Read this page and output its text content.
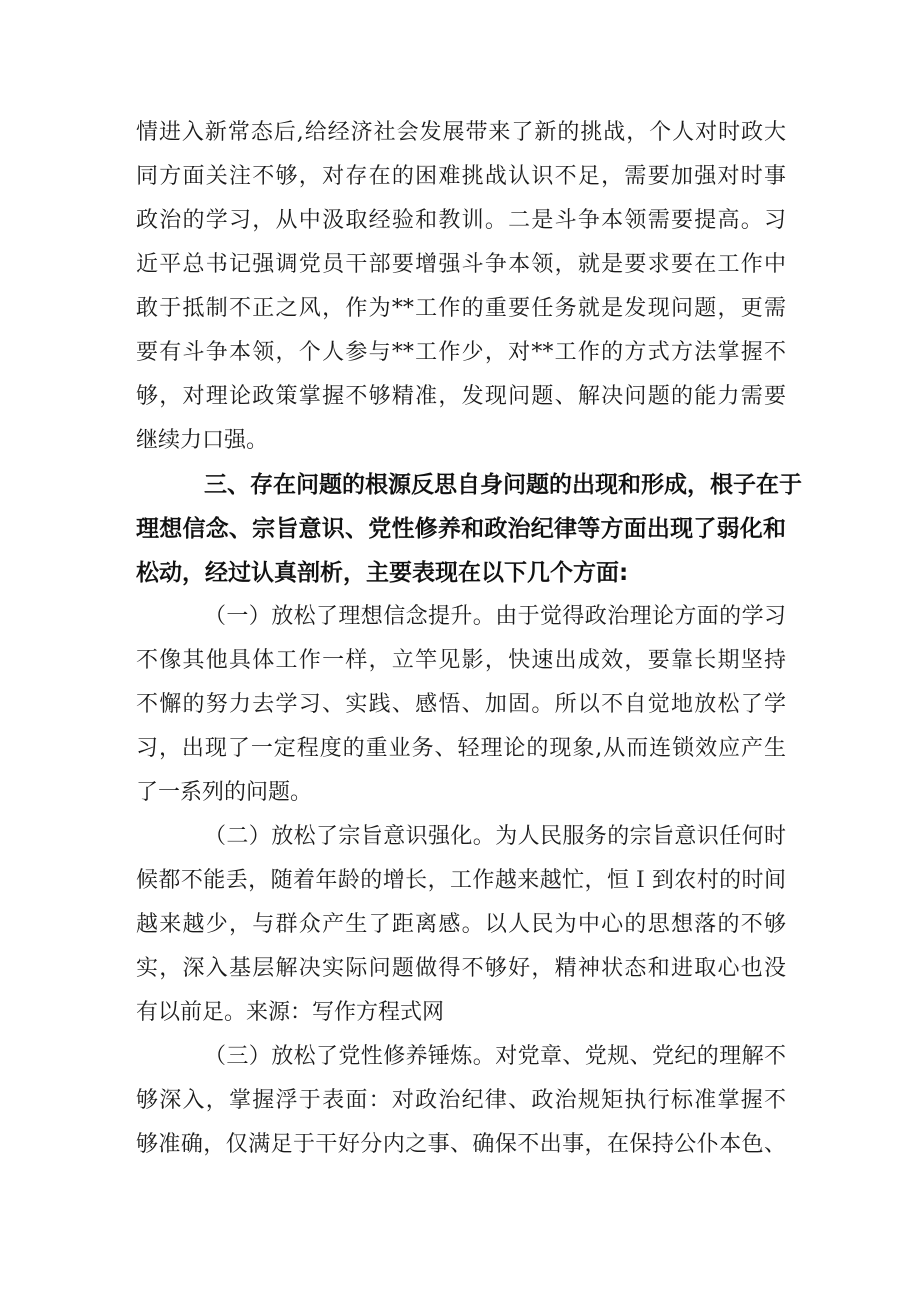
情进入新常态后,给经济社会发展带来了新的挑战，个人对时政大
同方面关注不够，对存在的困难挑战认识不足，需要加强对时事
政治的学习，从中汲取经验和教训。二是斗争本领需要提高。习
近平总书记强调党员干部要增强斗争本领，就是要求要在工作中
敢于抵制不正之风，作为**工作的重要任务就是发现问题，更需
要有斗争本领，个人参与**工作少，对**工作的方式方法掌握不
够，对理论政策掌握不够精准，发现问题、解决问题的能力需要
继续力口强。
三、存在问题的根源反思自身问题的出现和形成，根子在于
理想信念、宗旨意识、党性修养和政治纪律等方面出现了弱化和
松动，经过认真剖析，主要表现在以下几个方面:
（一）放松了理想信念提升。由于觉得政治理论方面的学习
不像其他具体工作一样，立竿见影，快速出成效，要靠长期坚持
不懈的努力去学习、实践、感悟、加固。所以不自觉地放松了学
习，出现了一定程度的重业务、轻理论的现象,从而连锁效应产生
了一系列的问题。
（二）放松了宗旨意识强化。为人民服务的宗旨意识任何时
候都不能丢，随着年龄的增长，工作越来越忙，恒Ｉ到农村的时间
越来越少，与群众产生了距离感。以人民为中心的思想落的不够
实，深入基层解决实际问题做得不够好，精神状态和进取心也没
有以前足。来源：写作方程式网
（三）放松了党性修养锤炼。对党章、党规、党纪的理解不
够深入，掌握浮于表面：对政治纪律、政治规矩执行标准掌握不
够准确，仅满足于干好分内之事、确保不出事，在保持公仆本色、
